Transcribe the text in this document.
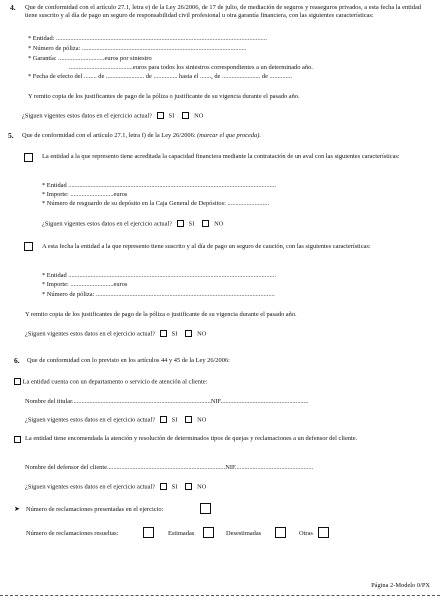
4. Que de conformidad con el artículo 27.1, letra e) de la Ley 26/2006, de 17 de julio, de mediación de seguros y reaseguros privados, a esta fecha la entidad tiene suscrito y al día de pago un seguro de responsabilidad civil profesional u otra garantía financiera, con las siguientes características:
* Entidad: ....................................................................................................................................
* Número de póliza: .......................................................................................................
* Garantía: .............................euros por siniestro
........................................euros para todos los siniestros correspondientes a un determinado año.
* Fecha de efecto del ........ de ........................ de ............... hasta el ......., de ........................ de ..............
Y remito copia de los justificantes de pago de la póliza o justificante de su vigencia durante el pasado año.
¿Siguen vigentes estos datos en el ejercicio actual?	SI	NO
5. Que de conformidad con el artículo 27.1, letra f) de la Ley 26/2006: (marcar el que proceda).
La entidad a la que represento tiene acreditada la capacidad financiera mediante la contratación de un aval con las siguientes características:
* Entidad ..................................................................................................................................
* Importe: ...........................euros
* Número de resguardo de su depósito en la Caja General de Depósitos: ..........................
¿Siguen vigentes estos datos en el ejercicio actual?	SI	NO
A esta fecha la entidad a la que represento tiene suscrito y al día de pago un seguro de caución, con las siguientes características:
* Entidad ..................................................................................................................................
* Importe: ...........................euros
* Número de póliza: ................................................................................................................
Y remito copia de los justificantes de pago de la póliza o justificante de su vigencia durante el pasado año.
¿Siguen vigentes estos datos en el ejercicio actual?	SI	NO
6. Que de conformidad con lo previsto en los artículos 44 y 45 de la Ley 26/2006:
La entidad cuenta con un departamento o servicio de atención al cliente:
Nombre del titular.......................................................................................NIF.......................................................
¿Siguen vigentes estos datos en el ejercicio actual?	SI	NO
La entidad tiene encomendada la atención y resolución de determinados tipos de quejas y reclamaciones a un defensor del cliente.
Nombre del defensor del cliente..........................................................................NIF.................................................
¿Siguen vigentes estos datos en el ejercicio actual?	SI	NO
➤ Número de reclamaciones presentadas en el ejercicio:
Número de reclamaciones resueltas:	Estimadas	Desestimadas	Otras
Página 2-Modelo 0/PX
